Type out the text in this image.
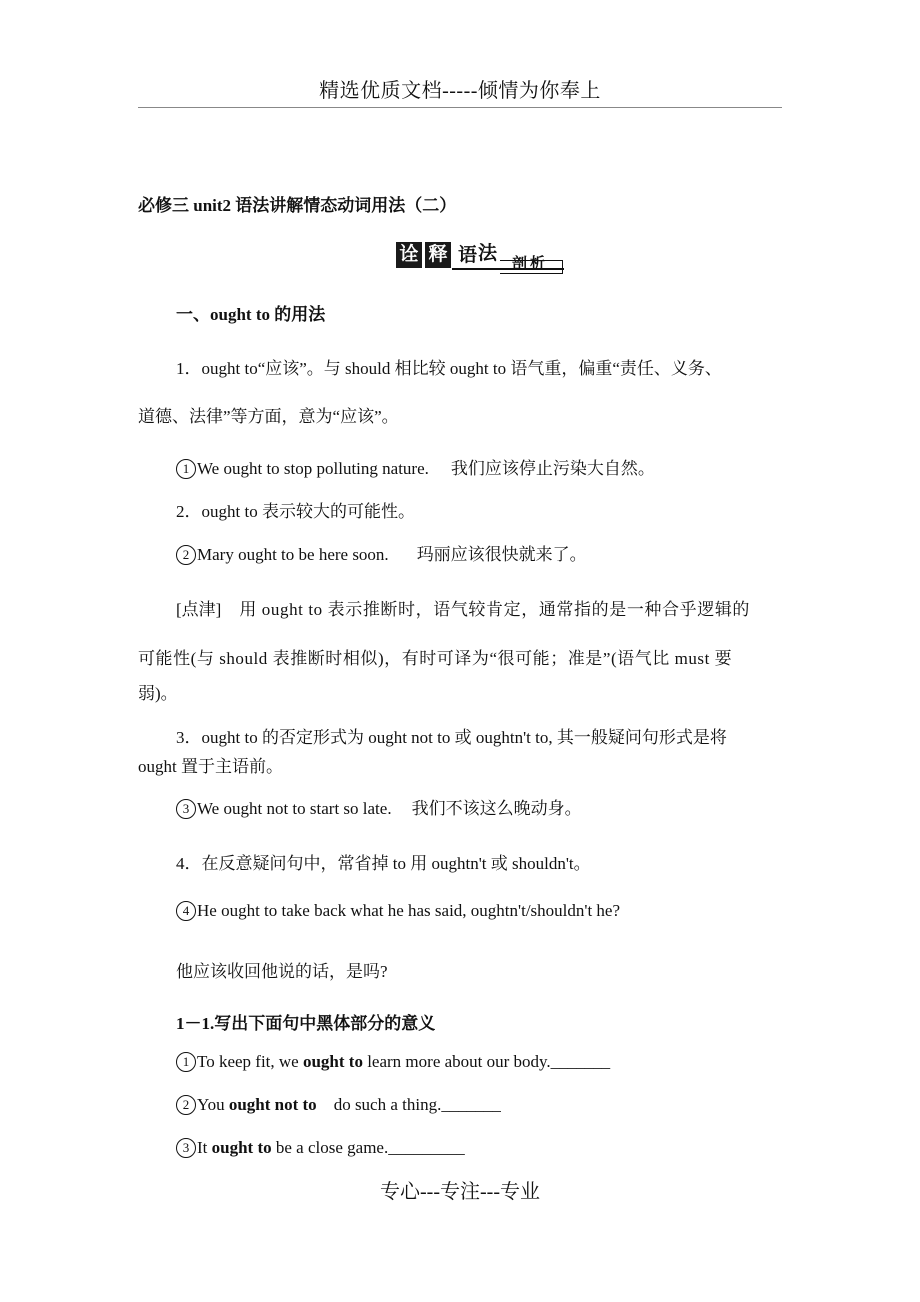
精选优质文档-----倾情为你奉上
必修三 unit2 语法讲解情态动词用法（二）
诠 释 语 法 剖 析
一、ought to 的用法
1．ought to“应该”。与 should 相比较 ought to 语气重，偏重“责任、义务、
道德、法律”等方面，意为“应该”。
1 We ought to stop polluting nature. 我们应该停止污染大自然。
2．ought to 表示较大的可能性。
2 Mary ought to be here soon. 玛丽应该很快就来了。
[点津] 用 ought to 表示推断时，语气较肯定，通常指的是一种合乎逻辑的
可能性(与 should 表推断时相似)，有时可译为“很可能；准是”(语气比 must 要
弱)。
3．ought to 的否定形式为 ought not to 或 oughtn't to, 其一般疑问句形式是将
ought 置于主语前。
3 We ought not to start so late. 我们不该这么晚动身。
4．在反意疑问句中，常省掉 to 用 oughtn't 或 shouldn't。
4 He ought to take back what he has said, oughtn't/shouldn't he?
他应该收回他说的话，是吗?
1－1.写出下面句中黑体部分的意义
1 To keep fit, we ought to learn more about our body._______
2 You ought not to    do such a thing._______
3 It ought to be a close game._________
专心---专注---专业
